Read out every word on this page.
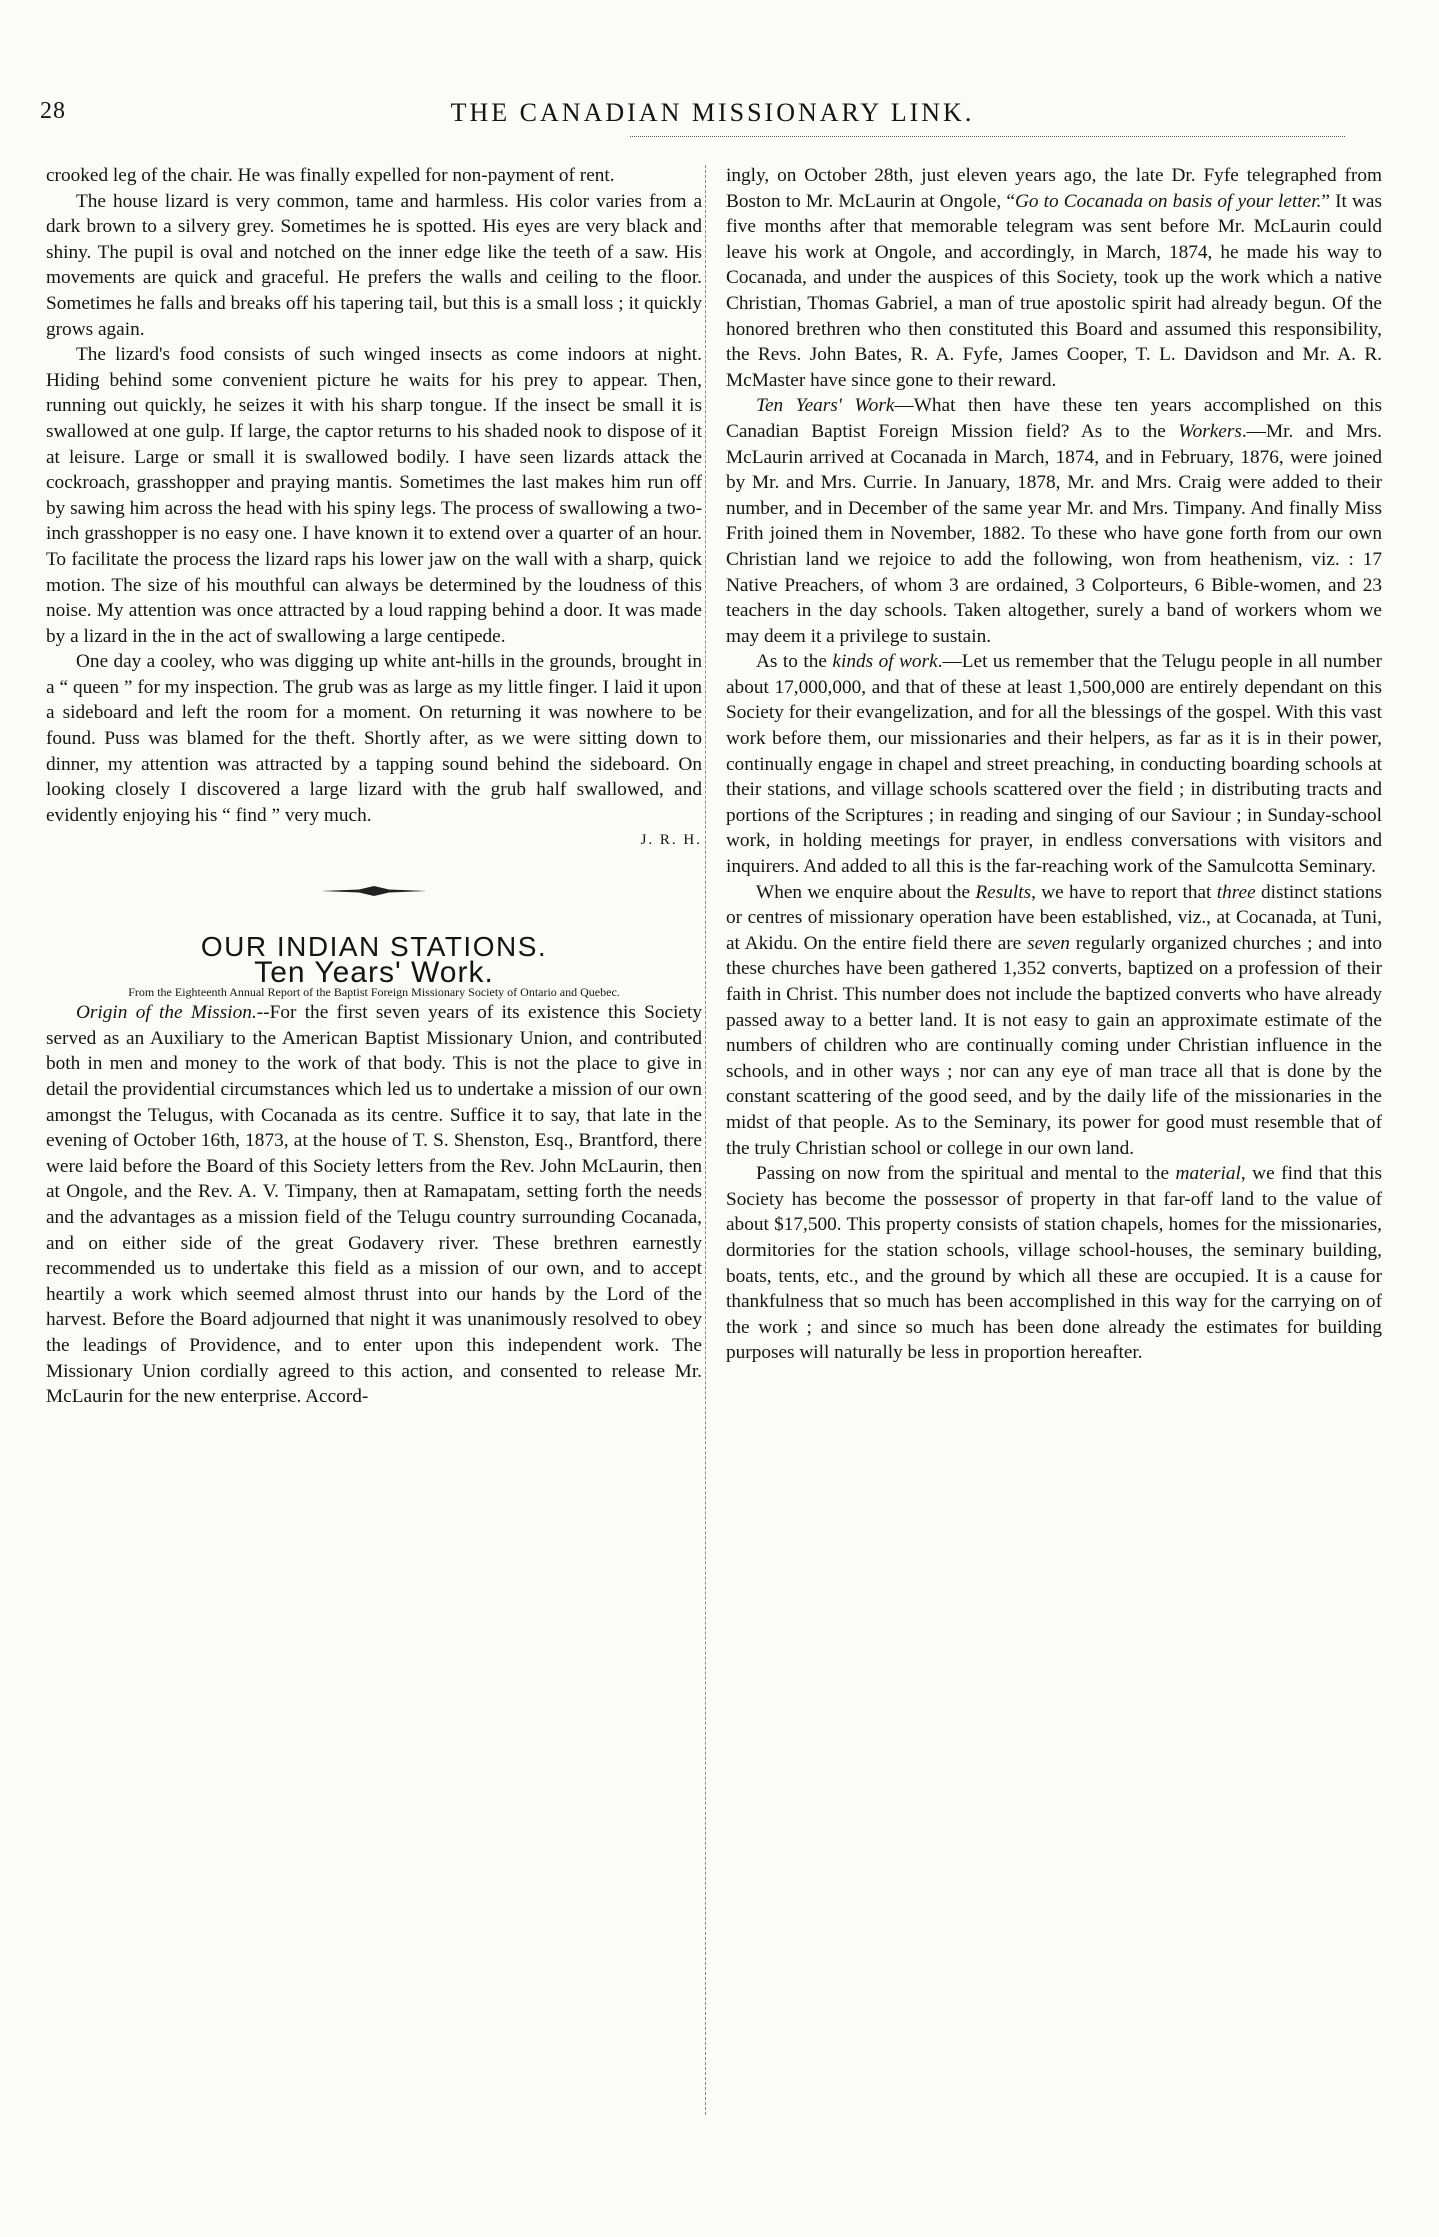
28	THE CANADIAN MISSIONARY LINK.

crooked leg of the chair. He was finally expelled for non-payment of rent.

The house lizard is very common, tame and harmless. His color varies from a dark brown to a silvery grey. Sometimes he is spotted. His eyes are very black and shiny. The pupil is oval and notched on the inner edge like the teeth of a saw. His movements are quick and graceful. He prefers the walls and ceiling to the floor. Sometimes he falls and breaks off his tapering tail, but this is a small loss ; it quickly grows again.

The lizard's food consists of such winged insects as come indoors at night. Hiding behind some convenient picture he waits for his prey to appear. Then, running out quickly, he seizes it with his sharp tongue. If the insect be small it is swallowed at one gulp. If large, the captor returns to his shaded nook to dispose of it at leisure. Large or small it is swallowed bodily. I have seen lizards attack the cockroach, grasshopper and praying mantis. Sometimes the last makes him run off by sawing him across the head with his spiny legs. The process of swallowing a two-inch grasshopper is no easy one. I have known it to extend over a quarter of an hour. To facilitate the process the lizard raps his lower jaw on the wall with a sharp, quick motion. The size of his mouthful can always be determined by the loudness of this noise. My attention was once attracted by a loud rapping behind a door. It was made by a lizard in the in the act of swallowing a large centipede.

One day a cooley, who was digging up white ant-hills in the grounds, brought in a “ queen ” for my inspection. The grub was as large as my little finger. I laid it upon a sideboard and left the room for a moment. On returning it was nowhere to be found. Puss was blamed for the theft. Shortly after, as we were sitting down to dinner, my attention was attracted by a tapping sound behind the sideboard. On looking closely I discovered a large lizard with the grub half swallowed, and evidently enjoying his “ find ” very much.

J. R. H.

OUR INDIAN STATIONS.

Ten Years' Work.

From the Eighteenth Annual Report of the Baptist Foreign Missionary Society of Ontario and Quebec.

Origin of the Mission.--For the first seven years of its existence this Society served as an Auxiliary to the American Baptist Missionary Union, and contributed both in men and money to the work of that body. This is not the place to give in detail the providential circumstances which led us to undertake a mission of our own amongst the Telugus, with Cocanada as its centre. Suffice it to say, that late in the evening of October 16th, 1873, at the house of T. S. Shenston, Esq., Brantford, there were laid before the Board of this Society letters from the Rev. John McLaurin, then at Ongole, and the Rev. A. V. Timpany, then at Ramapatam, setting forth the needs and the advantages as a mission field of the Telugu country surrounding Cocanada, and on either side of the great Godavery river. These brethren earnestly recommended us to undertake this field as a mission of our own, and to accept heartily a work which seemed almost thrust into our hands by the Lord of the harvest. Before the Board adjourned that night it was unanimously resolved to obey the leadings of Providence, and to enter upon this independent work. The Missionary Union cordially agreed to this action, and consented to release Mr. McLaurin for the new enterprise. Accord-

ingly, on October 28th, just eleven years ago, the late Dr. Fyfe telegraphed from Boston to Mr. McLaurin at Ongole, “Go to Cocanada on basis of your letter.” It was five months after that memorable telegram was sent before Mr. McLaurin could leave his work at Ongole, and accordingly, in March, 1874, he made his way to Cocanada, and under the auspices of this Society, took up the work which a native Christian, Thomas Gabriel, a man of true apostolic spirit had already begun. Of the honored brethren who then constituted this Board and assumed this responsibility, the Revs. John Bates, R. A. Fyfe, James Cooper, T. L. Davidson and Mr. A. R. McMaster have since gone to their reward.

Ten Years' Work—What then have these ten years accomplished on this Canadian Baptist Foreign Mission field? As to the Workers.—Mr. and Mrs. McLaurin arrived at Cocanada in March, 1874, and in February, 1876, were joined by Mr. and Mrs. Currie. In January, 1878, Mr. and Mrs. Craig were added to their number, and in December of the same year Mr. and Mrs. Timpany. And finally Miss Frith joined them in November, 1882. To these who have gone forth from our own Christian land we rejoice to add the following, won from heathenism, viz. : 17 Native Preachers, of whom 3 are ordained, 3 Colporteurs, 6 Bible-women, and 23 teachers in the day schools. Taken altogether, surely a band of workers whom we may deem it a privilege to sustain.

As to the kinds of work.—Let us remember that the Telugu people in all number about 17,000,000, and that of these at least 1,500,000 are entirely dependant on this Society for their evangelization, and for all the blessings of the gospel. With this vast work before them, our missionaries and their helpers, as far as it is in their power, continually engage in chapel and street preaching, in conducting boarding schools at their stations, and village schools scattered over the field ; in distributing tracts and portions of the Scriptures ; in reading and singing of our Saviour ; in Sunday-school work, in holding meetings for prayer, in endless conversations with visitors and inquirers. And added to all this is the far-reaching work of the Samulcotta Seminary.

When we enquire about the Results, we have to report that three distinct stations or centres of missionary operation have been established, viz., at Cocanada, at Tuni, at Akidu. On the entire field there are seven regularly organized churches ; and into these churches have been gathered 1,352 converts, baptized on a profession of their faith in Christ. This number does not include the baptized converts who have already passed away to a better land. It is not easy to gain an approximate estimate of the numbers of children who are continually coming under Christian influence in the schools, and in other ways ; nor can any eye of man trace all that is done by the constant scattering of the good seed, and by the daily life of the missionaries in the midst of that people. As to the Seminary, its power for good must resemble that of the truly Christian school or college in our own land.

Passing on now from the spiritual and mental to the material, we find that this Society has become the possessor of property in that far-off land to the value of about $17,500. This property consists of station chapels, homes for the missionaries, dormitories for the station schools, village school-houses, the seminary building, boats, tents, etc., and the ground by which all these are occupied. It is a cause for thankfulness that so much has been accomplished in this way for the carrying on of the work ; and since so much has been done already the estimates for building purposes will naturally be less in proportion hereafter.
